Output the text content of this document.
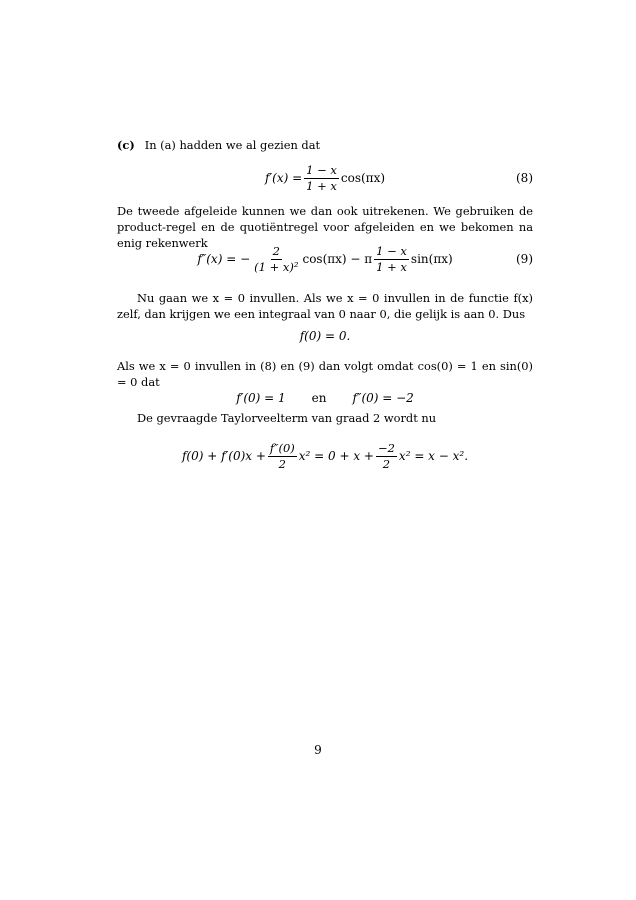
(c) In (a) hadden we al gezien dat

$f'(x) = \frac{1 - x}{1 + x} \cos(\pi x)$	(8)

De tweede afgeleide kunnen we dan ook uitrekenen. We gebruiken de product-regel en de quotiëntregel voor afgeleiden en we bekomen na enig rekenwerk

f″(x) = − $\frac{2}{\text{(1 + x)²}} \cos(\pi x) - \pi \frac{1 - x}{1 + x} \sin(\pi x)$	(9)

Nu gaan we x = 0 invullen. Als we x = 0 invullen in de functie f(x) zelf, dan krijgen we een integraal van 0 naar 0, die gelijk is aan 0. Dus

f(0) = 0.

Als we x = 0 invullen in (8) en (9) dan volgt omdat cos(0) = 1 en sin(0) = 0 dat

f′(0) = 1 en f″(0) = −2

De gevraagde Taylorveelterm van graad 2 wordt nu

$f(0) + f'(0)x + \frac{f''(0)}{2} x^2 = 0 + x + \frac{-2}{2} x^2 = x - x^2$.
9
